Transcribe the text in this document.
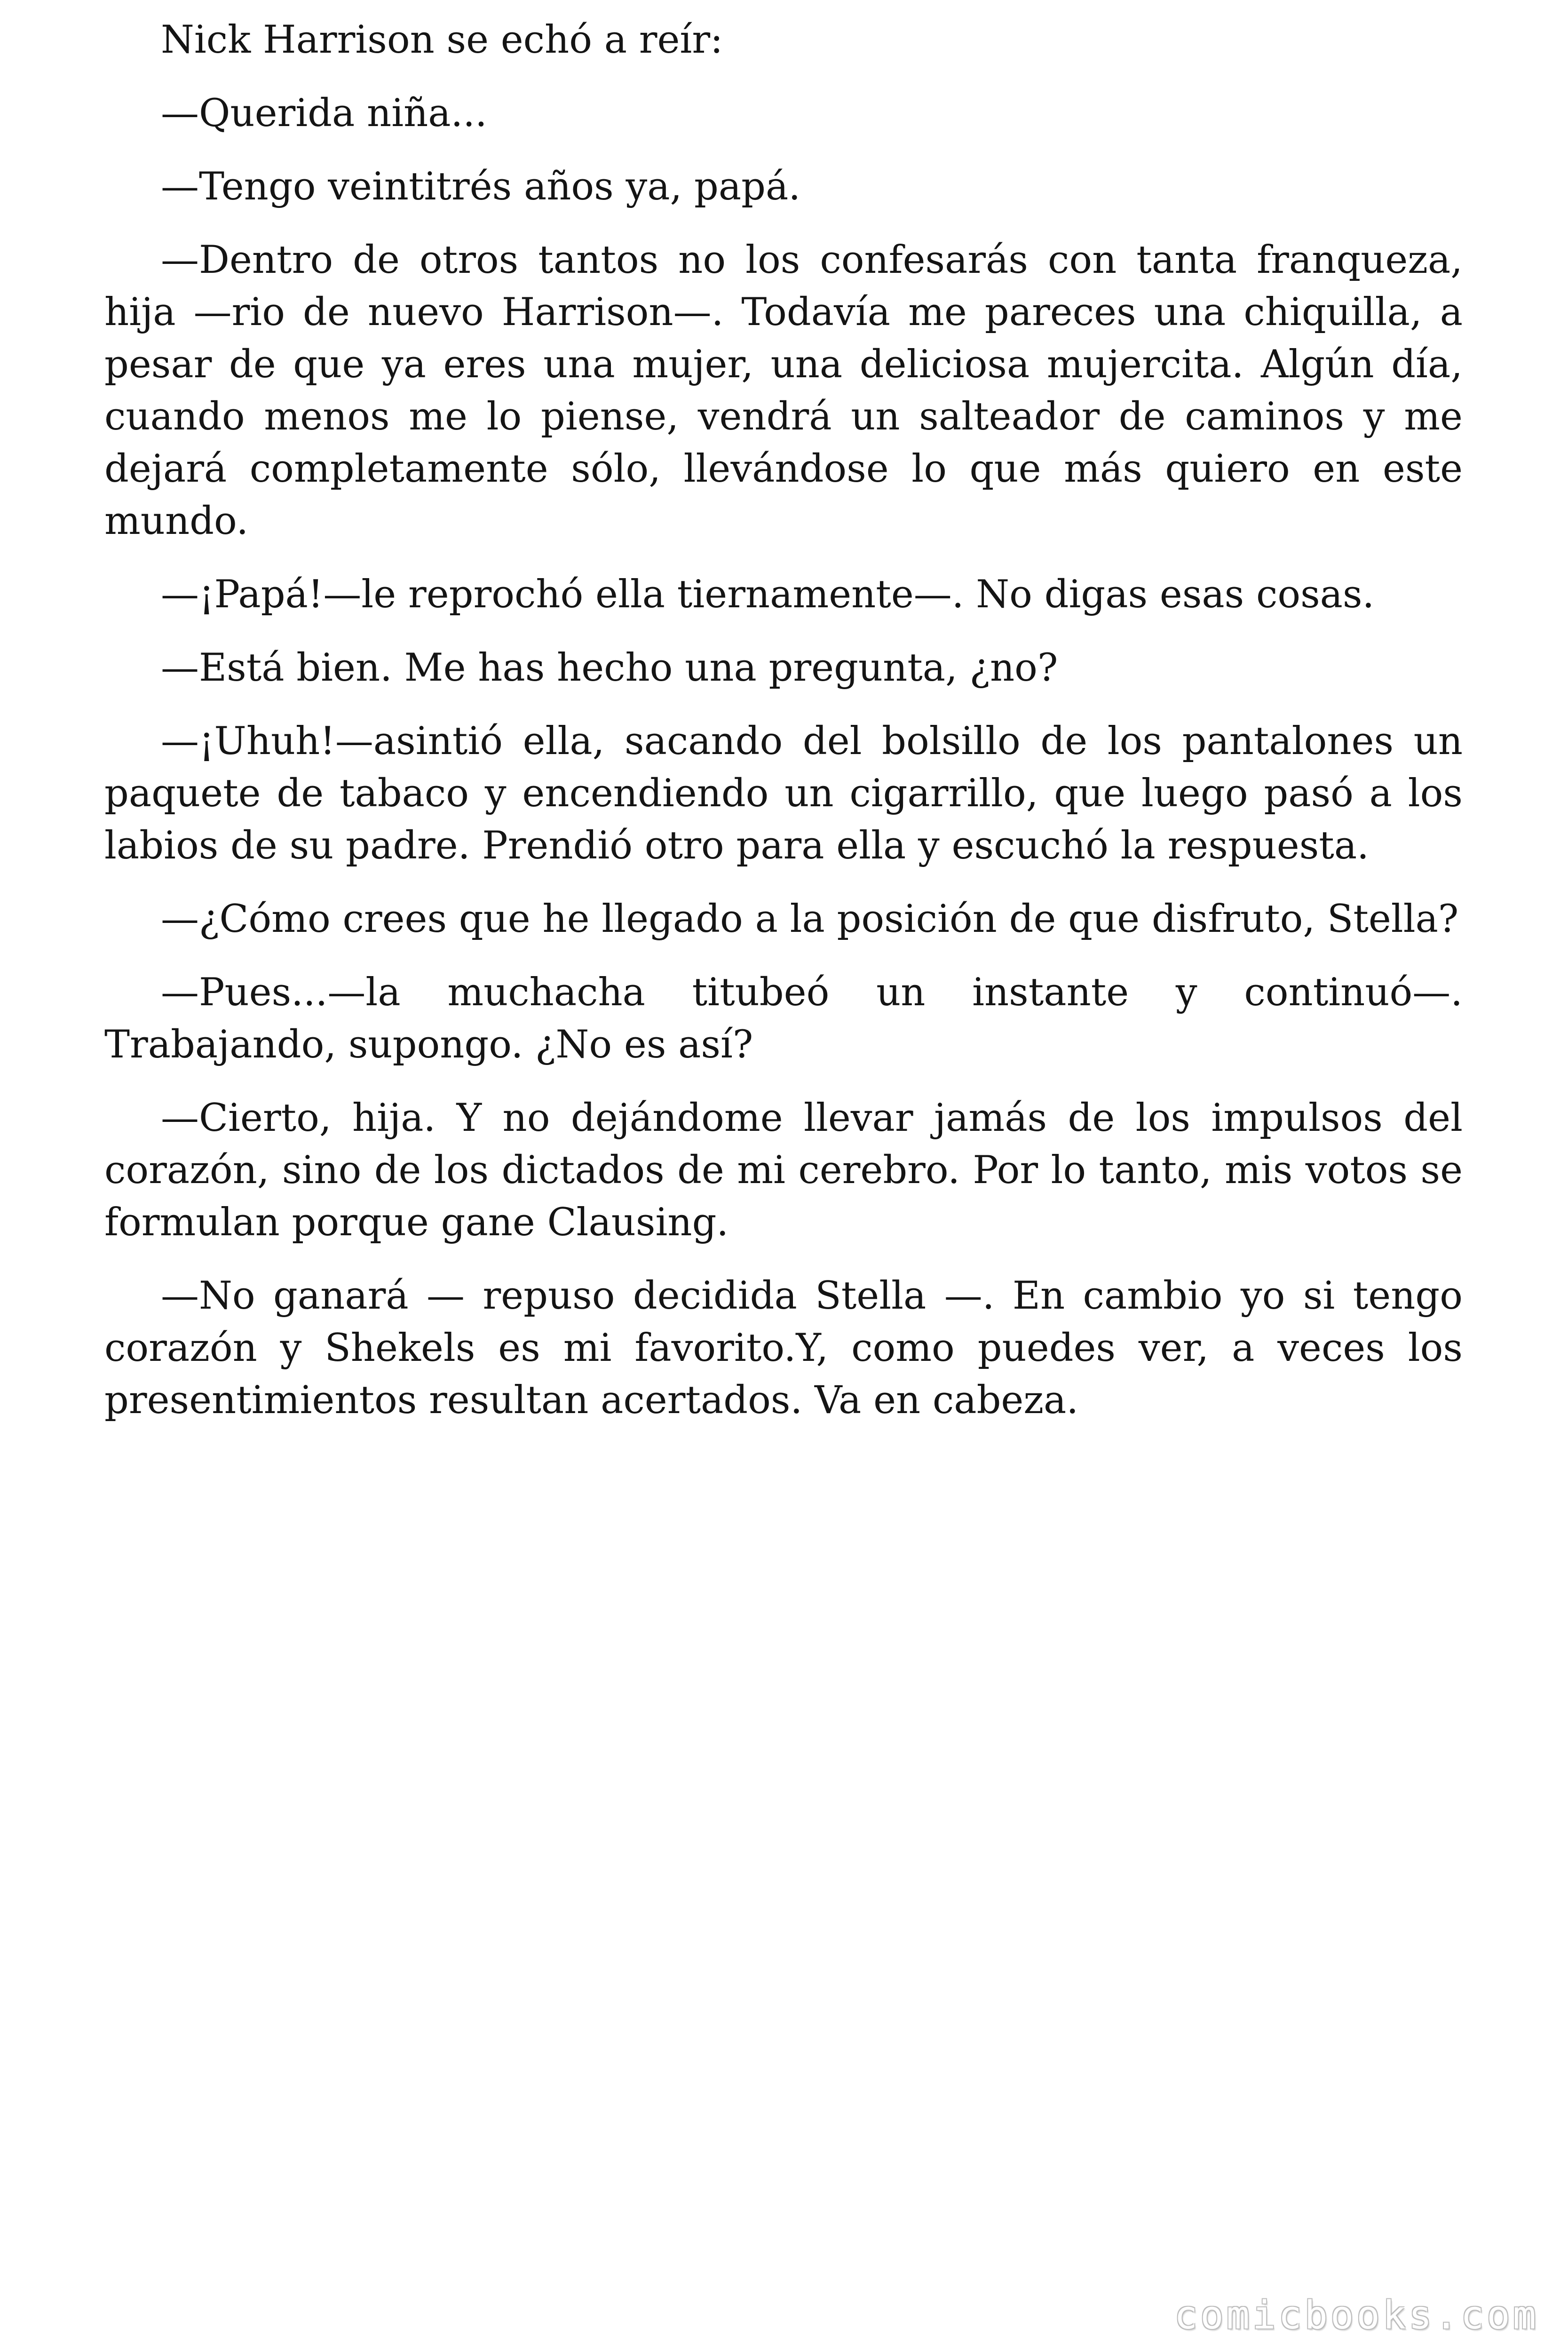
Nick Harrison se echó a reír:

—Querida niña...

—Tengo veintitrés años ya, papá.

—Dentro de otros tantos no los confesarás con tanta franqueza, hija —rio de nuevo Harrison—. Todavía me pareces una chiquilla, a pesar de que ya eres una mujer, una deliciosa mujercita. Algún día, cuando menos me lo piense, vendrá un salteador de caminos y me dejará completamente sólo, llevándose lo que más quiero en este mundo.

—¡Papá!—le reprochó ella tiernamente—. No digas esas cosas.

—Está bien. Me has hecho una pregunta, ¿no?

—¡Uhuh!—asintió ella, sacando del bolsillo de los pantalones un paquete de tabaco y encendiendo un cigarrillo, que luego pasó a los labios de su padre. Prendió otro para ella y escuchó la respuesta.

—¿Cómo crees que he llegado a la posición de que disfruto, Stella?

—Pues...—la muchacha titubeó un instante y continuó—. Trabajando, supongo. ¿No es así?

—Cierto, hija. Y no dejándome llevar jamás de los impulsos del corazón, sino de los dictados de mi cerebro. Por lo tanto, mis votos se formulan porque gane Clausing.

—No ganará — repuso decidida Stella —. En cambio yo si tengo corazón y Shekels es mi favorito.Y, como puedes ver, a veces los presentimientos resultan acertados. Va en cabeza.

comicbooks.com
